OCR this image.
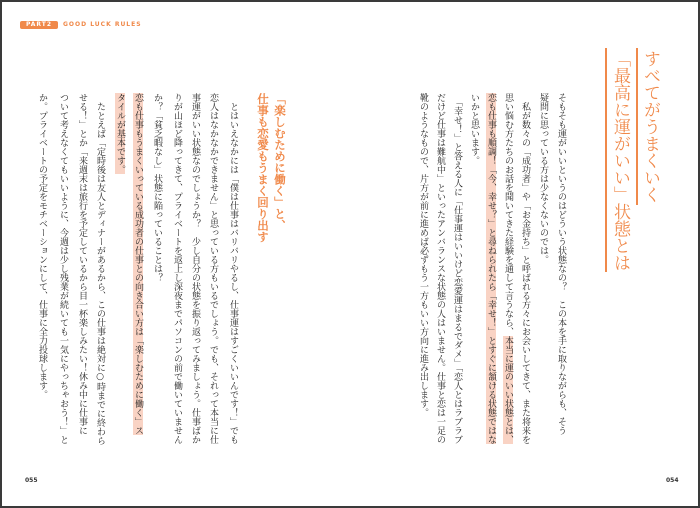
PART2	GOOD LUCK RULES
すべてがうまくいく
「最高に運がいい」状態とは
「楽しむために働く」と、
仕事も恋愛もうまく回り出す	そもそも運がいいというのはどういう状態なの？　この本を手に取りながらも、そう
疑問に思っている方は少なくないのでは。
　私が数々の「成功者」や「お金持ち」と呼ばれる方々にお会いしてきて、また将来を
思い悩む方たちのお話を聞いてきた経験を通して言うなら、本当に運のいい状態とは、
恋も仕事も順調！「今、幸せ？」と尋ねられたら「幸せ！」とすぐに頷ける状態ではな
いかと思います。
　「幸せ！」と答える人に「仕事運はいいけど恋愛運はまるでダメ」「恋人とはラブラブ
だけど仕事は難航中」といったアンバランスな状態の人はいません。仕事と恋は一足の
靴のようなもので、片方が前に進めば必ずもう一方もいい方向に進み出します。
　とはいえなかには「僕は仕事はバリバリやるし、仕事運はすごくいいんです！」でも
恋人はなかなかできません」と思っている方もいるでしょう。でも、それって本当に仕
事運がいい状態なのでしょうか？　少し自分の状態を振り返ってみましょう。仕事ばか
りが山ほど降ってきて、プライベートを返上し深夜までパソコンの前で働いていません
か？「貧乏暇なし」状態に陥っていることは？
恋も仕事もうまくいっている成功者の仕事との向き合い方は「楽しむために働く」ス
タイルが基本です。
　たとえば「定時後は友人とディナーがあるから、この仕事は絶対に○時までに終わら
せる！」とか「来週末は旅行を予定しているから目一杯楽しみたい！休み中に仕事に
ついて考えなくてもいいように、今週は少し残業が続いても一気にやっちゃおう！」と
か。プライベートの予定をモチベーションにして、仕事に全力投球します。
055	054
